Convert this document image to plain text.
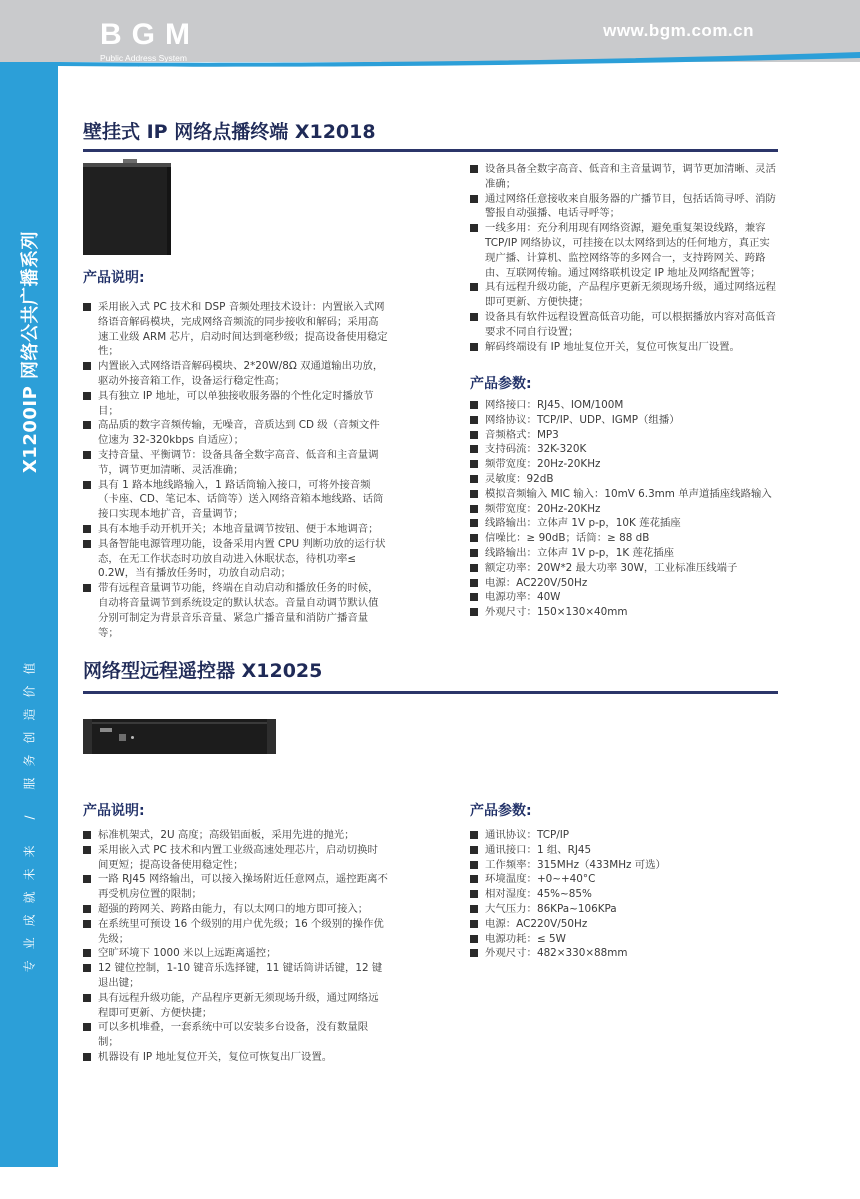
BGM
Public Address System
www.bgm.com.cn
X1200IP 网络公共广播系列
专业成就未来 / 服务创造价值
13
壁挂式 IP 网络点播终端 X12018
产品说明:
采用嵌入式 PC 技术和 DSP 音频处理技术设计：内置嵌入式网络语音解码模块，完成网络音频流的同步接收和解码；采用高速工业级 ARM 芯片，启动时间达到毫秒级；提高设备使用稳定性；
内置嵌入式网络语音解码模块、2*20W/8Ω 双通道输出功放，驱动外接音箱工作，设备运行稳定性高；
具有独立 IP 地址，可以单独接收服务器的个性化定时播放节目；
高品质的数字音频传输，无噪音，音质达到 CD 级（音频文件位速为 32-320kbps 自适应）；
支持音量、平衡调节：设备具备全数字高音、低音和主音量调节，调节更加清晰、灵活准确；
具有 1 路本地线路输入，1 路话筒输入接口，可将外接音频（卡座、CD、笔记本、话筒等）送入网络音箱本地线路、话筒接口实现本地扩音，音量调节；
具有本地手动开机开关；本地音量调节按钮、便于本地调音；
具备智能电源管理功能，设备采用内置 CPU 判断功放的运行状态，在无工作状态时功放自动进入休眠状态，待机功率≤ 0.2W，当有播放任务时，功放自动启动；
带有远程音量调节功能，终端在自动启动和播放任务的时候，自动将音量调节到系统设定的默认状态。音量自动调节默认值分别可制定为背景音乐音量、紧急广播音量和消防广播音量等；
设备具备全数字高音、低音和主音量调节，调节更加清晰、灵活准确；
通过网络任意接收来自服务器的广播节目，包括话筒寻呼、消防警报自动强播、电话寻呼等；
一线多用：充分利用现有网络资源，避免重复架设线路，兼容 TCP/IP 网络协议，可挂接在以太网络到达的任何地方，真正实现广播、计算机、监控网络等的多网合一，支持跨网关、跨路由、互联网传输。通过网络联机设定 IP 地址及网络配置等；
具有远程升级功能，产品程序更新无须现场升级，通过网络远程即可更新、方便快捷；
设备具有软件远程设置高低音功能，可以根据播放内容对高低音要求不同自行设置；
解码终端设有 IP 地址复位开关，复位可恢复出厂设置。
产品参数:
网络接口：RJ45、IOM/100M
网络协议：TCP/IP、UDP、IGMP（组播）
音频格式：MP3
支持码流：32K-320K
频带宽度：20Hz-20KHz
灵敏度：92dB
模拟音频输入 MIC 输入：10mV 6.3mm 单声道插座线路输入
频带宽度：20Hz-20KHz
线路输出：立体声 1V p-p，10K 莲花插座
信噪比：≥ 90dB；话筒：≥ 88 dB
线路输出：立体声 1V p-p，1K 莲花插座
额定功率：20W*2 最大功率 30W，工业标准压线端子
电源：AC220V/50Hz
电源功率：40W
外观尺寸：150×130×40mm
网络型远程遥控器 X12025
产品说明:
标准机架式，2U 高度；高级铝面板，采用先进的抛光；
采用嵌入式 PC 技术和内置工业级高速处理芯片，启动切换时间更短；提高设备使用稳定性；
一路 RJ45 网络输出，可以接入操场附近任意网点，遥控距离不再受机房位置的限制；
超强的跨网关、跨路由能力，有以太网口的地方即可接入；
在系统里可预设 16 个级别的用户优先级；16 个级别的操作优先级；
空旷环境下 1000 米以上远距离遥控；
12 键位控制，1-10 键音乐选择键，11 键话筒讲话键，12 键退出键；
具有远程升级功能，产品程序更新无须现场升级，通过网络远程即可更新、方便快捷；
可以多机堆叠，一套系统中可以安装多台设备，没有数量限制；
机器设有 IP 地址复位开关，复位可恢复出厂设置。
产品参数:
通讯协议：TCP/IP
通讯接口：1 组、RJ45
工作频率：315MHz（433MHz 可选）
环境温度：+0~+40°C
相对湿度：45%~85%
大气压力：86KPa~106KPa
电源：AC220V/50Hz
电源功耗：≤ 5W
外观尺寸：482×330×88mm
